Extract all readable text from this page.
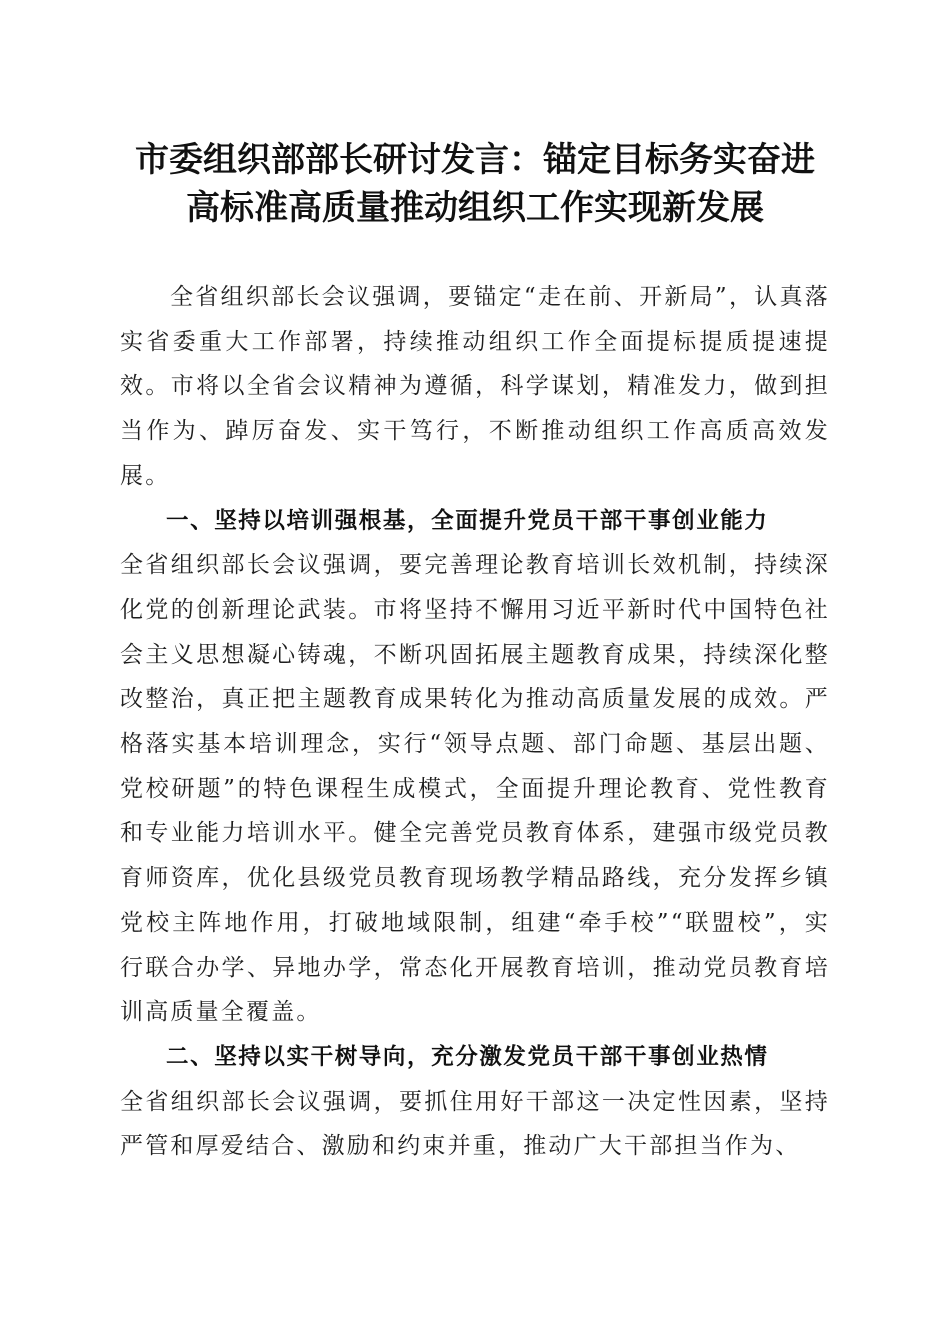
市委组织部部长研讨发言：锚定目标务实奋进
高标准高质量推动组织工作实现新发展

全省组织部长会议强调，要锚定“走在前、开新局”，认真落实省委重大工作部署，持续推动组织工作全面提标提质提速提效。市将以全省会议精神为遵循，科学谋划，精准发力，做到担当作为、踔厉奋发、实干笃行，不断推动组织工作高质高效发展。

一、坚持以培训强根基，全面提升党员干部干事创业能力全省组织部长会议强调，要完善理论教育培训长效机制，持续深化党的创新理论武装。市将坚持不懈用习近平新时代中国特色社会主义思想凝心铸魂，不断巩固拓展主题教育成果，持续深化整改整治，真正把主题教育成果转化为推动高质量发展的成效。严格落实基本培训理念，实行“领导点题、部门命题、基层出题、党校研题”的特色课程生成模式，全面提升理论教育、党性教育和专业能力培训水平。健全完善党员教育体系，建强市级党员教育师资库，优化县级党员教育现场教学精品路线，充分发挥乡镇党校主阵地作用，打破地域限制，组建“牵手校”“联盟校”，实行联合办学、异地办学，常态化开展教育培训，推动党员教育培训高质量全覆盖。

二、坚持以实干树导向，充分激发党员干部干事创业热情全省组织部长会议强调，要抓住用好干部这一决定性因素，坚持严管和厚爱结合、激励和约束并重，推动广大干部担当作为、
